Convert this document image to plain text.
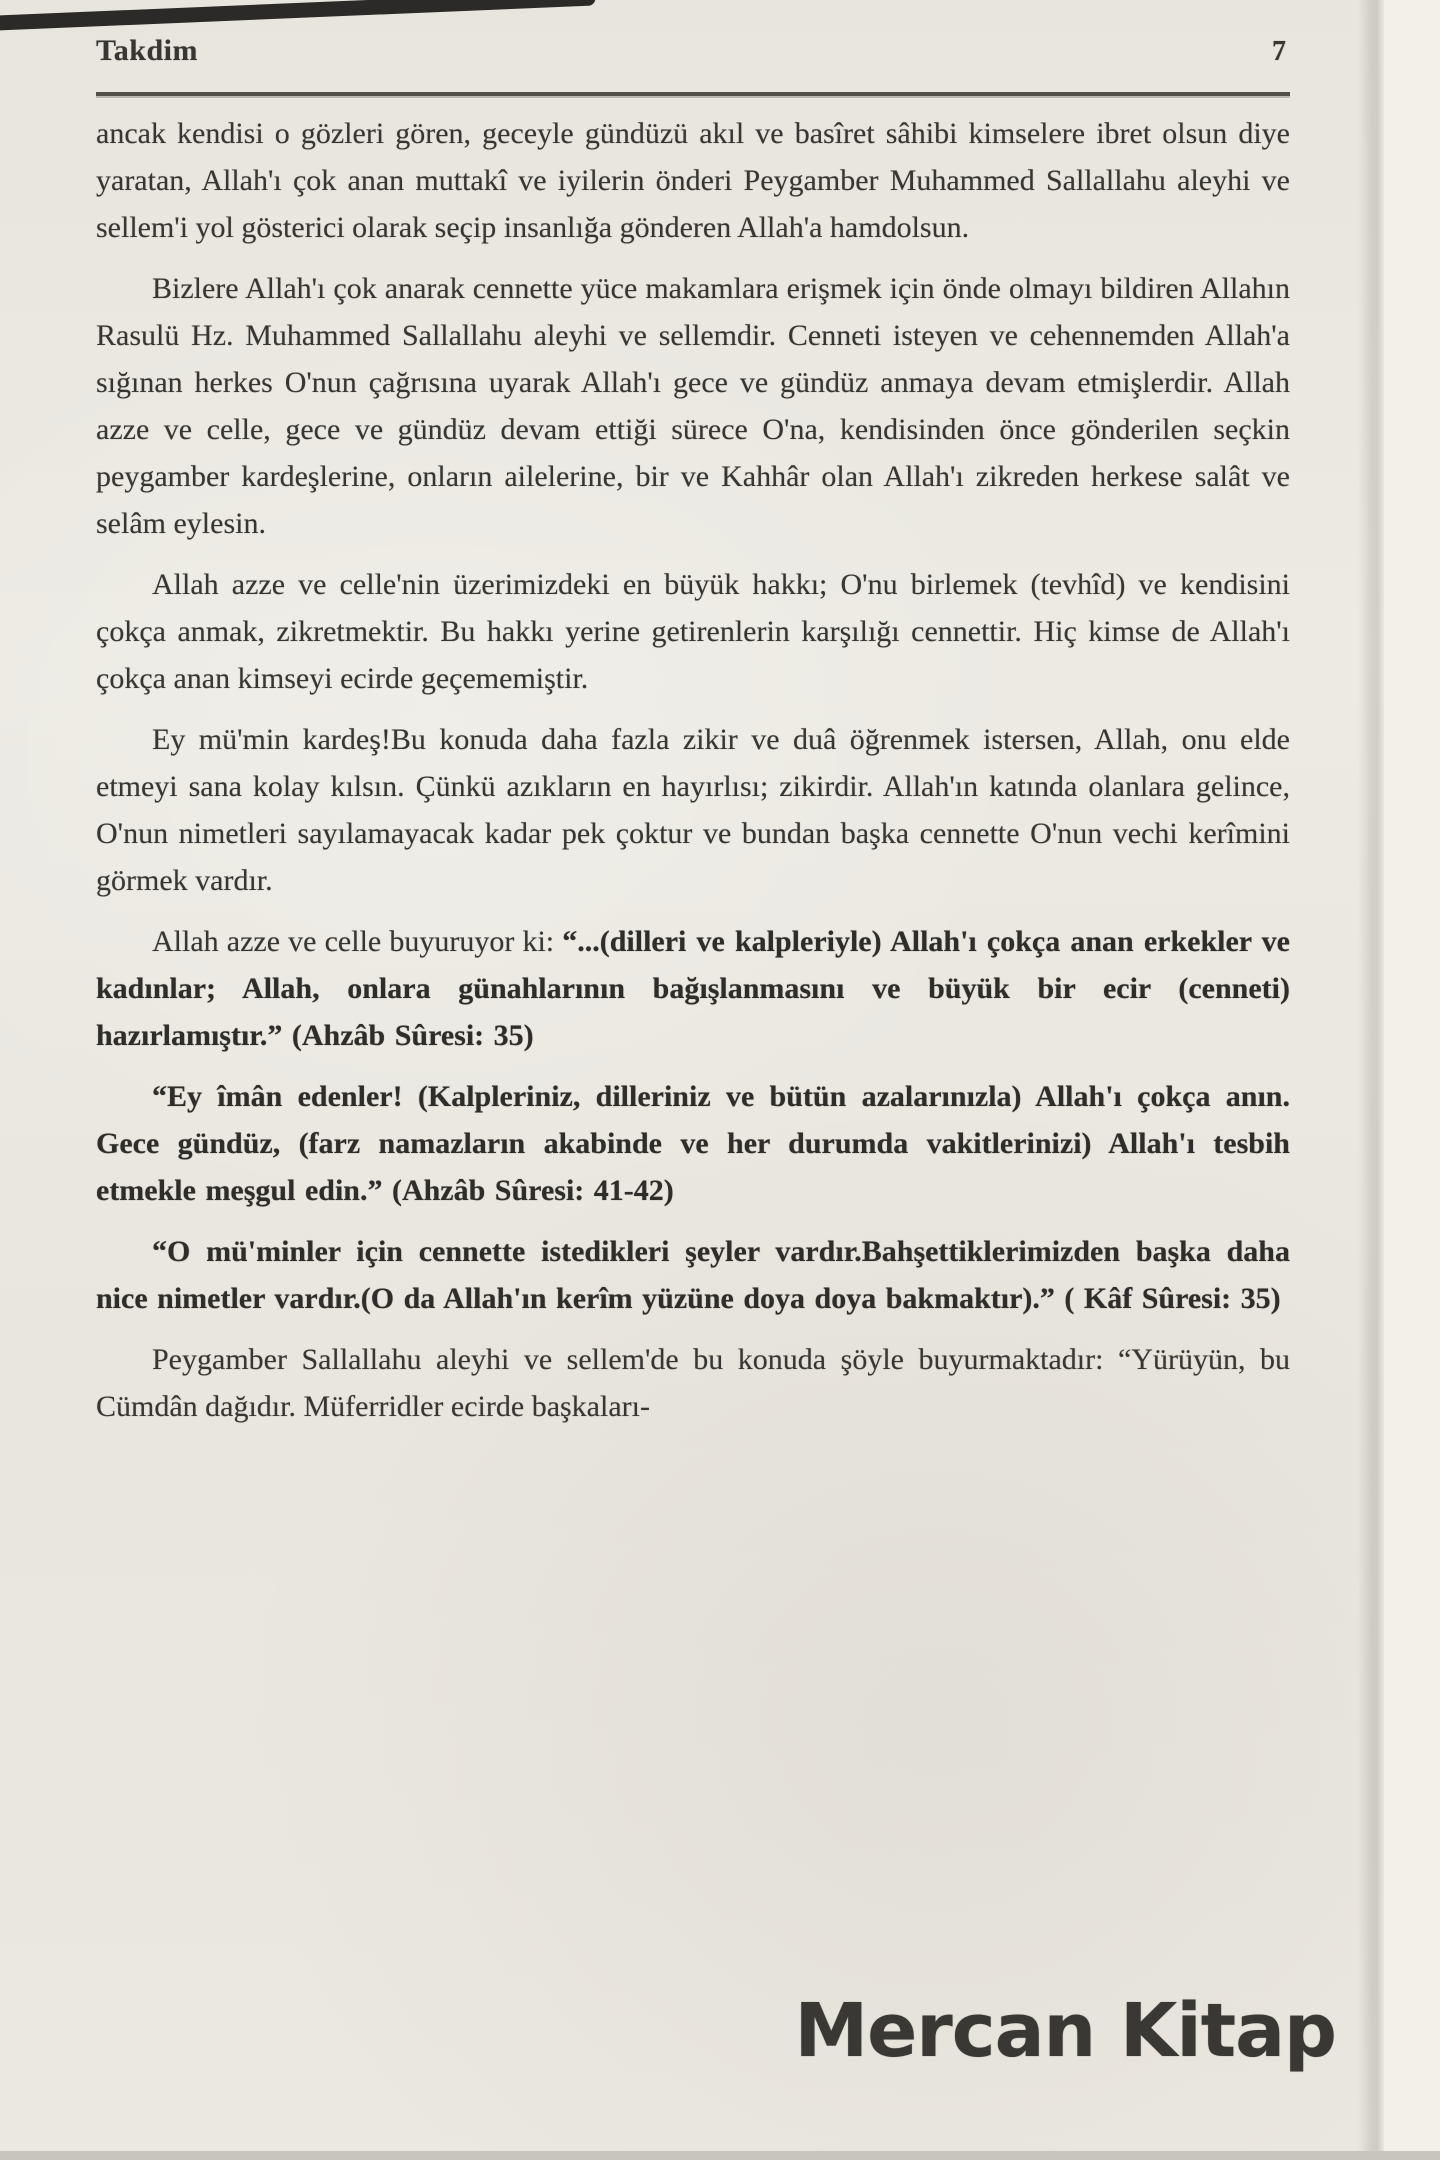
Takdim	7

ancak kendisi o gözleri gören, geceyle gündüzü akıl ve basîret sâhibi kimselere ibret olsun diye yaratan, Allah'ı çok anan muttakî ve iyilerin önderi Peygamber Muhammed Sallallahu aleyhi ve sellem'i yol gösterici olarak seçip insanlığa gönderen Allah'a hamdolsun.

Bizlere Allah'ı çok anarak cennette yüce makamlara erişmek için önde olmayı bildiren Allahın Rasulü Hz. Muhammed Sallallahu aleyhi ve sellemdir. Cenneti isteyen ve cehennemden Allah'a sığınan herkes O'nun çağrısına uyarak Allah'ı gece ve gündüz anmaya devam etmişlerdir. Allah azze ve celle, gece ve gündüz devam ettiği sürece O'na, kendisinden önce gönderilen seçkin peygamber kardeşlerine, onların ailelerine, bir ve Kahhâr olan Allah'ı zikreden herkese salât ve selâm eylesin.

Allah azze ve celle'nin üzerimizdeki en büyük hakkı; O'nu birlemek (tevhîd) ve kendisini çokça anmak, zikretmektir. Bu hakkı yerine getirenlerin karşılığı cennettir. Hiç kimse de Allah'ı çokça anan kimseyi ecirde geçememiştir.

Ey mü'min kardeş!Bu konuda daha fazla zikir ve duâ öğrenmek istersen, Allah, onu elde etmeyi sana kolay kılsın. Çünkü azıkların en hayırlısı; zikirdir. Allah'ın katında olanlara gelince, O'nun nimetleri sayılamayacak kadar pek çoktur ve bundan başka cennette O'nun vechi kerîmini görmek vardır.

Allah azze ve celle buyuruyor ki: “...(dilleri ve kalpleriyle) Allah'ı çokça anan erkekler ve kadınlar; Allah, onlara günahlarının bağışlanmasını ve büyük bir ecir (cenneti) hazırlamıştır.” (Ahzâb Sûresi: 35)

“Ey îmân edenler! (Kalpleriniz, dilleriniz ve bütün azalarınızla) Allah'ı çokça anın. Gece gündüz, (farz namazların akabinde ve her durumda vakitlerinizi) Allah'ı tesbih etmekle meşgul edin.” (Ahzâb Sûresi: 41-42)

“O mü'minler için cennette istedikleri şeyler vardır.Bahşettiklerimizden başka daha nice nimetler vardır.(O da Allah'ın kerîm yüzüne doya doya bakmaktır).” ( Kâf Sûresi: 35)

Peygamber Sallallahu aleyhi ve sellem'de bu konuda şöyle buyurmaktadır: “Yürüyün, bu Cümdân dağıdır. Müferridler ecirde başkaları-

Mercan Kitap
